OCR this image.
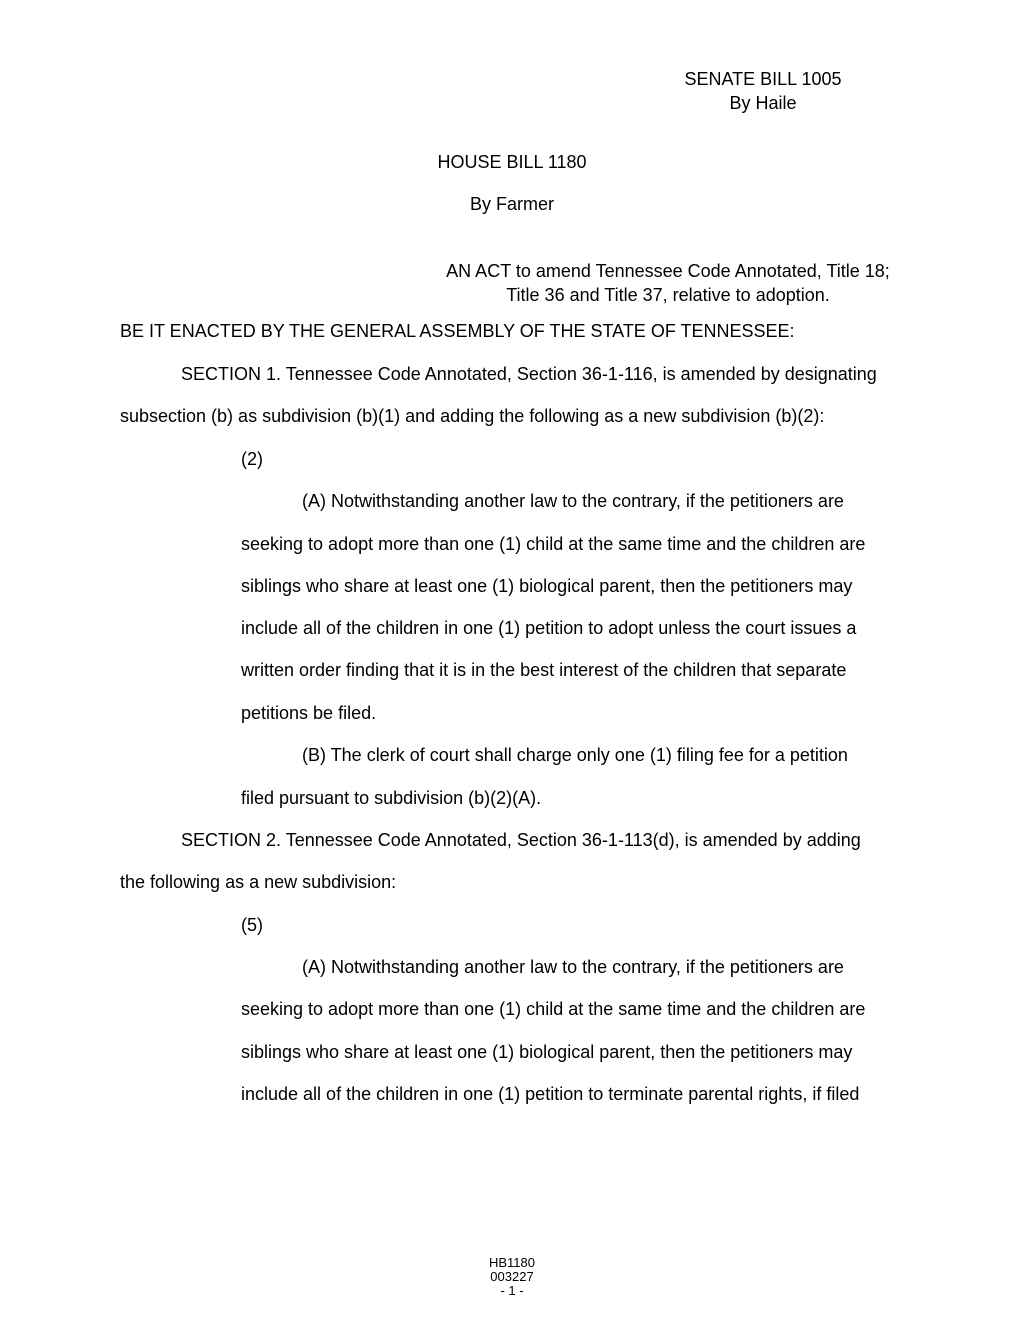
SENATE BILL 1005
By Haile
HOUSE BILL 1180
By Farmer
AN ACT to amend Tennessee Code Annotated, Title 18;
Title 36 and Title 37, relative to adoption.
BE IT ENACTED BY THE GENERAL ASSEMBLY OF THE STATE OF TENNESSEE:
SECTION 1. Tennessee Code Annotated, Section 36-1-116, is amended by designating
subsection (b) as subdivision (b)(1) and adding the following as a new subdivision (b)(2):
(2)
(A) Notwithstanding another law to the contrary, if the petitioners are
seeking to adopt more than one (1) child at the same time and the children are
siblings who share at least one (1) biological parent, then the petitioners may
include all of the children in one (1) petition to adopt unless the court issues a
written order finding that it is in the best interest of the children that separate
petitions be filed.
(B) The clerk of court shall charge only one (1) filing fee for a petition
filed pursuant to subdivision (b)(2)(A).
SECTION 2. Tennessee Code Annotated, Section 36-1-113(d), is amended by adding
the following as a new subdivision:
(5)
(A) Notwithstanding another law to the contrary, if the petitioners are
seeking to adopt more than one (1) child at the same time and the children are
siblings who share at least one (1) biological parent, then the petitioners may
include all of the children in one (1) petition to terminate parental rights, if filed
HB1180
003227
- 1 -
